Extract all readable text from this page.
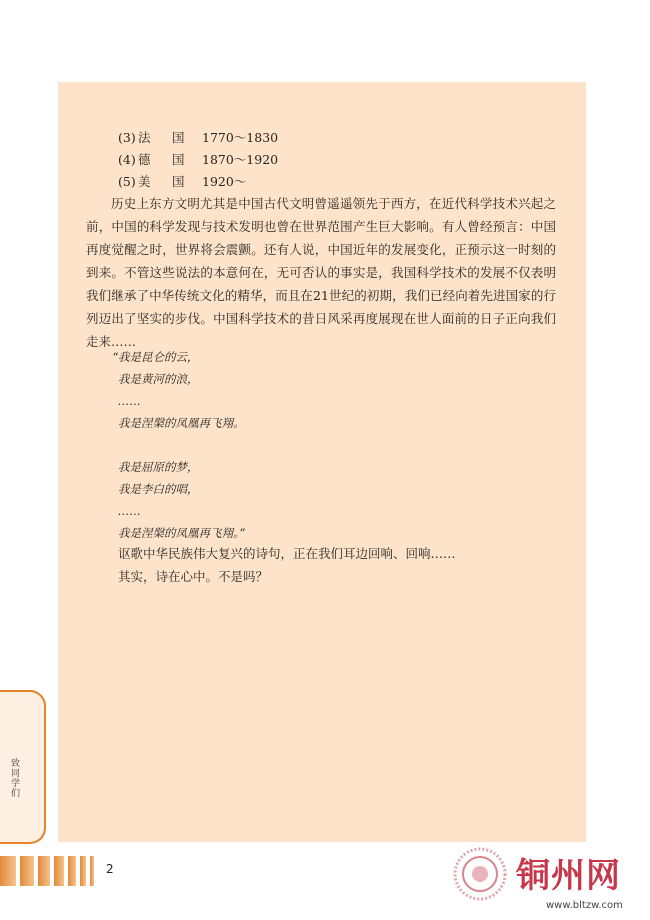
(3) 法 国 1770～1830
(4) 德 国 1870～1920
(5) 美 国 1920～

历史上东方文明尤其是中国古代文明曾遥遥领先于西方，在近代科学技术兴起之前，中国的科学发现与技术发明也曾在世界范围产生巨大影响。有人曾经预言：中国再度觉醒之时，世界将会震颤。还有人说，中国近年的发展变化，正预示这一时刻的到来。不管这些说法的本意何在，无可否认的事实是，我国科学技术的发展不仅表明我们继承了中华传统文化的精华，而且在21世纪的初期，我们已经向着先进国家的行列迈出了坚实的步伐。中国科学技术的昔日风采再度展现在世人面前的日子正向我们走来……

“我是昆仑的云，
我是黄河的浪，
……
我是涅槃的凤凰再飞翔。
我是屈原的梦，
我是李白的唱，
……
我是涅槃的凤凰再飞翔。”
讴歌中华民族伟大复兴的诗句，正在我们耳边回响、回响……
其实，诗在心中。不是吗？
致同学们
2	铜州网
www.bltzw.com
